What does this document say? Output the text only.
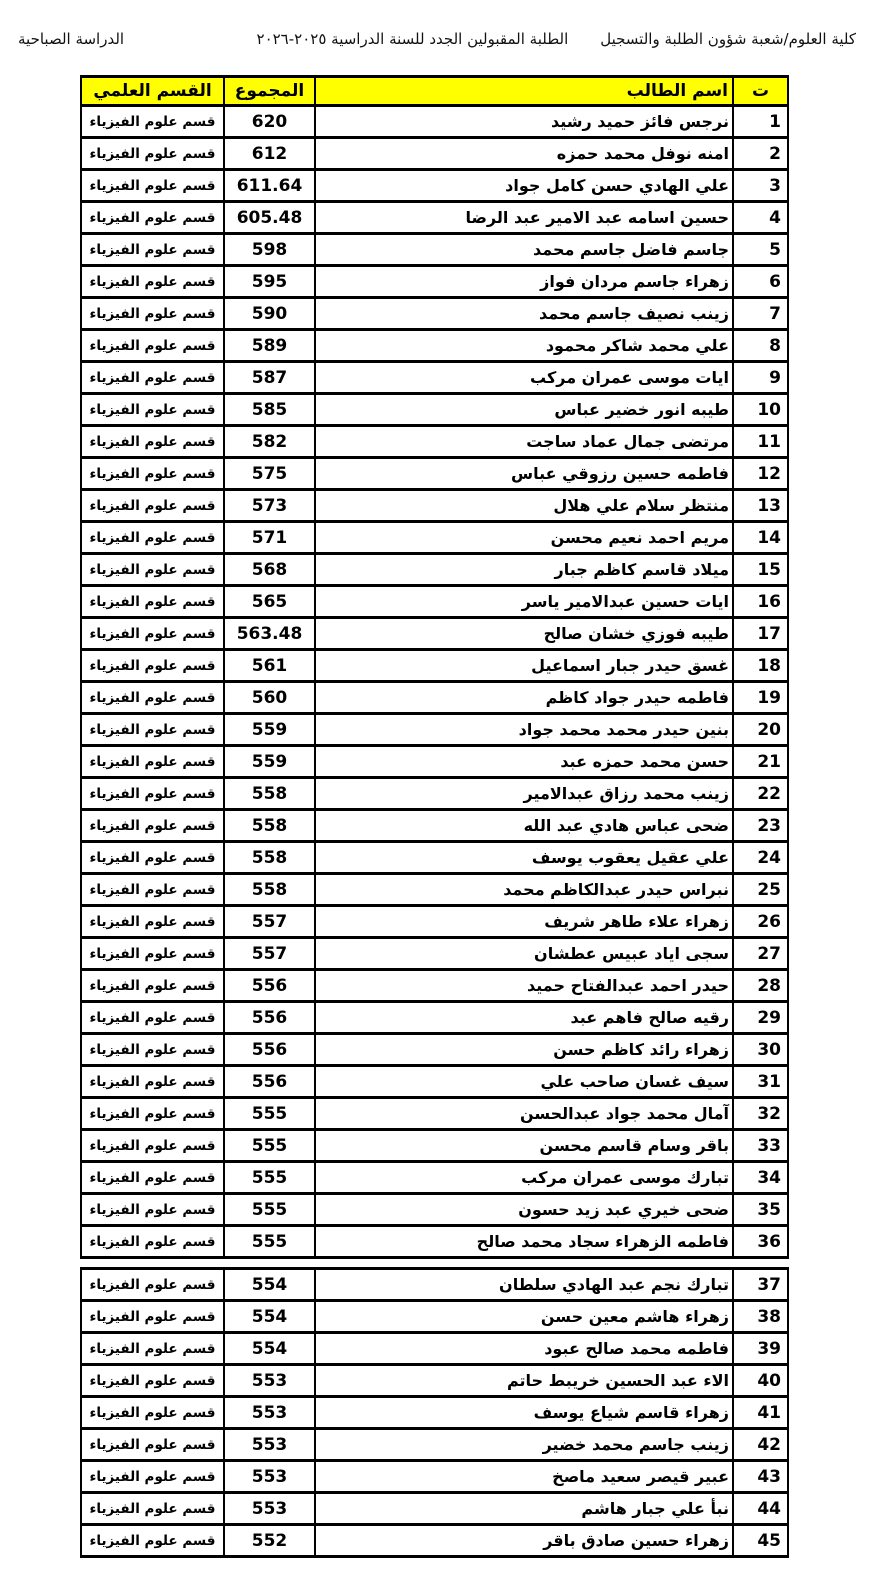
كلية العلوم/شعبة شؤون الطلبة والتسجيل
الطلبة المقبولين الجدد للسنة الدراسية ٢٠٢٥-٢٠٢٦
الدراسة الصباحية
ت	اسم الطالب	المجموع	القسم العلمي
1	نرجس فائز حميد رشيد	620	قسم علوم الفيزياء
2	امنه نوفل محمد حمزه	612	قسم علوم الفيزياء
3	علي الهادي حسن كامل جواد	611.64	قسم علوم الفيزياء
4	حسين اسامه عبد الامير عبد الرضا	605.48	قسم علوم الفيزياء
5	جاسم فاضل جاسم محمد	598	قسم علوم الفيزياء
6	زهراء جاسم مردان فواز	595	قسم علوم الفيزياء
7	زينب نصيف جاسم محمد	590	قسم علوم الفيزياء
8	علي محمد شاكر محمود	589	قسم علوم الفيزياء
9	ايات موسى عمران مركب	587	قسم علوم الفيزياء
10	طيبه انور خضير عباس	585	قسم علوم الفيزياء
11	مرتضى جمال عماد ساجت	582	قسم علوم الفيزياء
12	فاطمه حسين رزوقي عباس	575	قسم علوم الفيزياء
13	منتظر سلام علي هلال	573	قسم علوم الفيزياء
14	مريم احمد نعيم محسن	571	قسم علوم الفيزياء
15	ميلاد قاسم كاظم جبار	568	قسم علوم الفيزياء
16	ايات حسين عبدالامير ياسر	565	قسم علوم الفيزياء
17	طيبه فوزي خشان صالح	563.48	قسم علوم الفيزياء
18	غسق حيدر جبار اسماعيل	561	قسم علوم الفيزياء
19	فاطمه حيدر جواد كاظم	560	قسم علوم الفيزياء
20	بنين حيدر محمد محمد جواد	559	قسم علوم الفيزياء
21	حسن محمد حمزه عبد	559	قسم علوم الفيزياء
22	زينب محمد رزاق عبدالامير	558	قسم علوم الفيزياء
23	ضحى عباس هادي عبد الله	558	قسم علوم الفيزياء
24	علي عقيل يعقوب يوسف	558	قسم علوم الفيزياء
25	نبراس حيدر عبدالكاظم محمد	558	قسم علوم الفيزياء
26	زهراء علاء طاهر شريف	557	قسم علوم الفيزياء
27	سجى اياد عبيس عطشان	557	قسم علوم الفيزياء
28	حيدر احمد عبدالفتاح حميد	556	قسم علوم الفيزياء
29	رقيه صالح فاهم عبد	556	قسم علوم الفيزياء
30	زهراء رائد كاظم حسن	556	قسم علوم الفيزياء
31	سيف غسان صاحب علي	556	قسم علوم الفيزياء
32	آمال محمد جواد عبدالحسن	555	قسم علوم الفيزياء
33	باقر وسام قاسم محسن	555	قسم علوم الفيزياء
34	تبارك موسى عمران مركب	555	قسم علوم الفيزياء
35	ضحى خيري عبد زيد حسون	555	قسم علوم الفيزياء
36	فاطمه الزهراء سجاد محمد صالح	555	قسم علوم الفيزياء
37	تبارك نجم عبد الهادي سلطان	554	قسم علوم الفيزياء
38	زهراء هاشم معين حسن	554	قسم علوم الفيزياء
39	فاطمه محمد صالح عبود	554	قسم علوم الفيزياء
40	الاء عبد الحسين خريبط حاتم	553	قسم علوم الفيزياء
41	زهراء قاسم شياع يوسف	553	قسم علوم الفيزياء
42	زينب جاسم محمد خضير	553	قسم علوم الفيزياء
43	عبير قيصر سعيد ماصخ	553	قسم علوم الفيزياء
44	نبأ علي جبار هاشم	553	قسم علوم الفيزياء
45	زهراء حسين صادق باقر	552	قسم علوم الفيزياء
